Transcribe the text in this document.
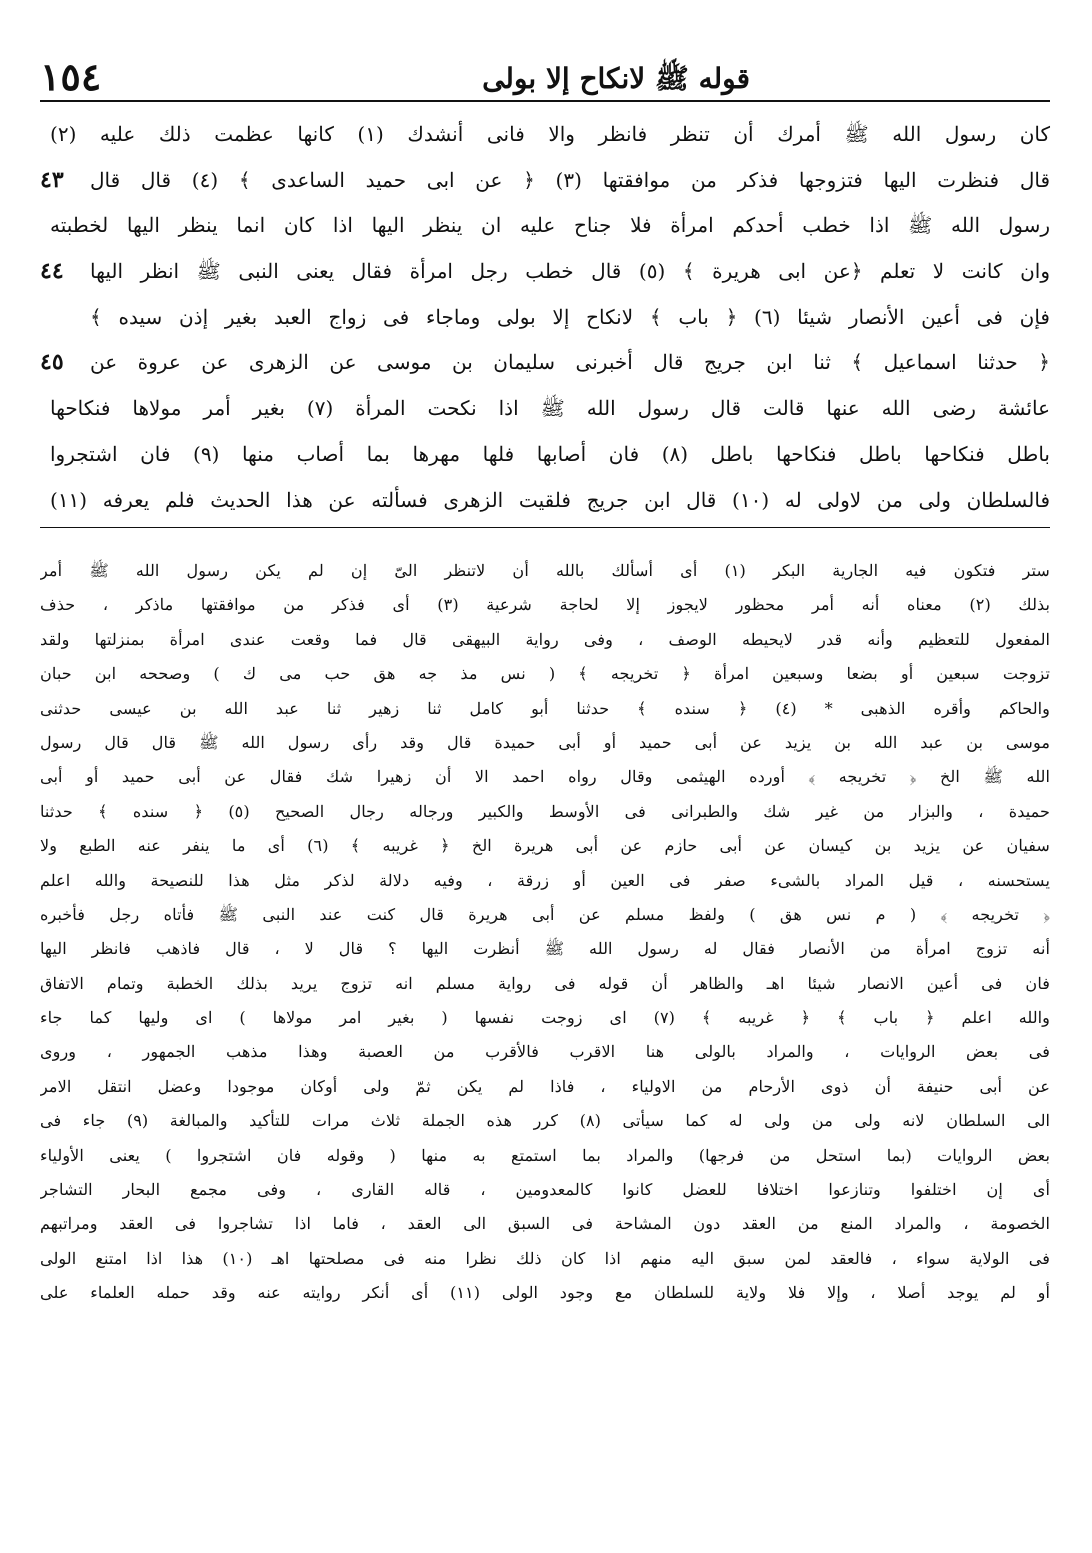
١٥٤	قوله ﷺ لانكاح إلا بولى
كان رسول الله ﷺ أمرك أن تنظر فانظر والا فانى أنشدك (١) كانها عظمت ذلك عليه (٢)
٤٣	قال فنظرت اليها فتزوجها فذكر من موافقتها (٣) ﴿ عن ابى حميد الساعدى ﴾ (٤) قال قال
رسول الله ﷺ اذا خطب أحدكم امرأة فلا جناح عليه ان ينظر اليها اذا كان انما ينظر اليها لخطبته
٤٤	وان كانت لا تعلم ﴿عن ابى هريرة ﴾ (٥) قال خطب رجل امرأة فقال يعنى النبى ﷺ انظر اليها
فإن فى أعين الأنصار شيئا (٦) ﴿ باب ﴾ لانكاح إلا بولى وماجاء فى زواج العبد بغير إذن سيده ﴾
٤٥	﴿ حدثنا اسماعيل ﴾ ثنا ابن جريج قال أخبرنى سليمان بن موسى عن الزهرى عن عروة عن
عائشة رضى الله عنها قالت قال رسول الله ﷺ اذا نكحت المرأة (٧) بغير أمر مولاها فنكاحها
باطل فنكاحها باطل فنكاحها باطل (٨) فان أصابها فلها مهرها بما أصاب منها (٩) فان اشتجروا
فالسلطان ولى من لاولى له (١٠) قال ابن جريج فلقيت الزهرى فسألته عن هذا الحديث فلم يعرفه (١١)
ستر فتكون فيه الجارية البكر (١) أى أسألك بالله أن لاتنظر الىّ إن لم يكن رسول الله ﷺ أمر
بذلك (٢) معناه أنه أمر محظور لايجوز إلا لحاجة شرعية (٣) أى فذكر من موافقتها ماذكر ، حذف
المفعول للتعظيم وأنه قدر لايحيطه الوصف ، وفى رواية البيهقى قال فما وقعت عندى امرأة بمنزلتها ولقد
تزوجت سبعين أو بضعا وسبعين امرأة ﴿ تخريجه ﴾ ( نس مذ جه هق حب مى ك ) وصححه ابن حبان
والحاكم وأقره الذهبى * (٤) ﴿ سنده ﴾ حدثنا أبو كامل ثنا زهير ثنا عبد الله بن عيسى حدثنى
موسى بن عبد الله بن يزيد عن أبى حميد أو أبى حميدة قال وقد رأى رسول الله ﷺ قال قال رسول
الله ﷺ الخ ﴿ تخريجه ﴾ أورده الهيثمى وقال رواه احمد الا أن زهيرا شك فقال عن أبى حميد أو أبى
حميدة ، والبزار من غير شك والطبرانى فى الأوسط والكبير ورجاله رجال الصحيح (٥) ﴿ سنده ﴾ حدثنا
سفيان عن يزيد بن كيسان عن أبى حازم عن أبى هريرة الخ ﴿ غريبه ﴾ (٦) أى ما ينفر عنه الطبع ولا
يستحسنه ، قيل المراد بالشىء صفر فى العين أو زرقة ، وفيه دلالة لذكر مثل هذا للنصيحة والله اعلم
﴿ تخريجه ﴾ ( م نس هق ) ولفظ مسلم عن أبى هريرة قال كنت عند النبى ﷺ فأتاه رجل فأخبره
أنه تزوج امرأة من الأنصار فقال له رسول الله ﷺ أنظرت اليها ؟ قال لا ، قال فاذهب فانظر اليها
فان فى أعين الانصار شيئا اهـ والظاهر أن قوله فى رواية مسلم انه تزوج يريد بذلك الخطبة وتمام الاتفاق
والله اعلم ﴿ باب ﴾ ﴿ غريبه ﴾ (٧) اى زوجت نفسها ( بغير امر مولاها ) اى وليها كما جاء
فى بعض الروايات ، والمراد بالولى هنا الاقرب فالأقرب من العصبة وهذا مذهب الجمهور ، وروى
عن أبى حنيفة أن ذوى الأرحام من الاولياء ، فاذا لم يكن ثمّ ولى أوكان موجودا وعضل انتقل الامر
الى السلطان لانه ولى من ولى له كما سيأتى (٨) كرر هذه الجملة ثلاث مرات للتأكيد والمبالغة (٩) جاء فى
بعض الروايات (بما استحل من فرجها) والمراد بما استمتع به منها ( وقوله فان اشتجروا ) يعنى الأولياء
أى إن اختلفوا وتنازعوا اختلافا للعضل كانوا كالمعدومين ، قاله القارى ، وفى مجمع البحار التشاجر
الخصومة ، والمراد المنع من العقد دون المشاحة فى السبق الى العقد ، فاما اذا تشاجروا فى العقد ومراتبهم
فى الولاية سواء ، فالعقد لمن سبق اليه منهم اذا كان ذلك نظرا منه فى مصلحتها اهـ (١٠) هذا اذا امتنع الولى
أو لم يوجد أصلا ، وإلا فلا ولاية للسلطان مع وجود الولى (١١) أى أنكر روايته عنه وقد حمله العلماء على
